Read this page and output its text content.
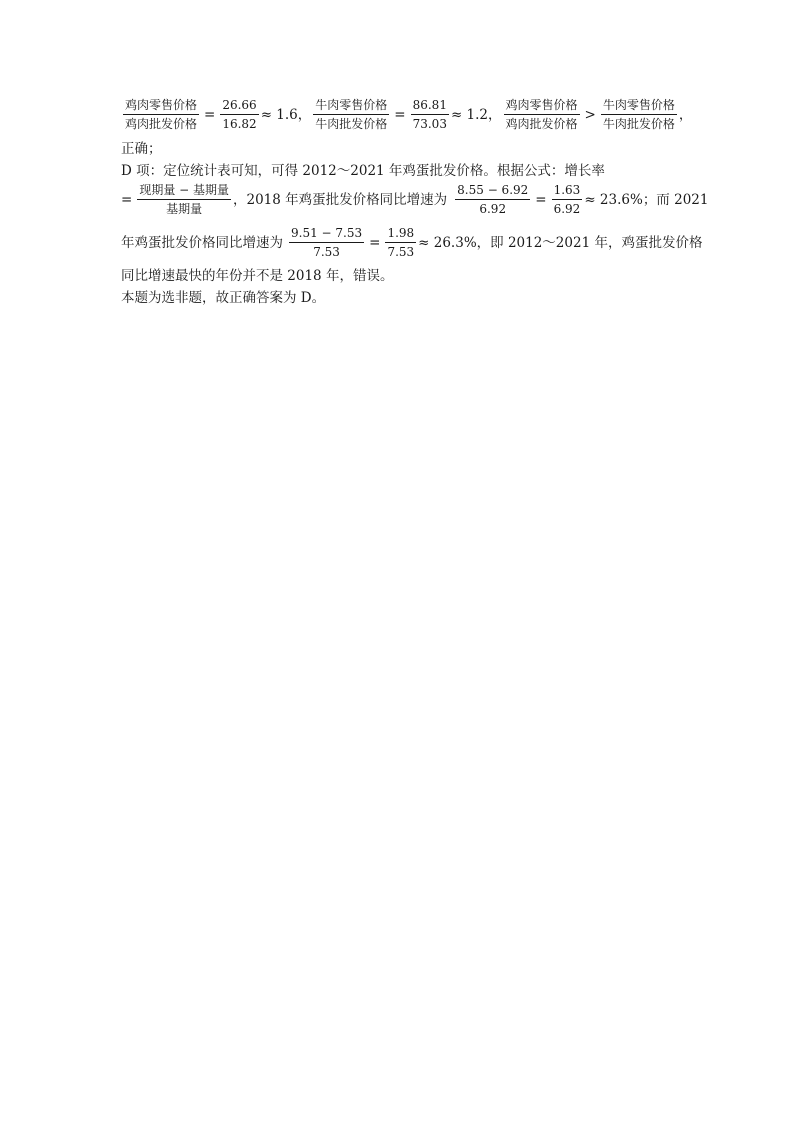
$\frac{\text{鸡肉零售价格}}{\text{鸡肉批发价格}} = \frac{26.66}{16.82} \approx 1.6$， $\frac{\text{牛肉零售价格}}{\text{牛肉批发价格}} = \frac{86.81}{73.03} \approx 1.2$， $\frac{\text{鸡肉零售价格}}{\text{鸡肉批发价格}} > \frac{\text{牛肉零售价格}}{\text{牛肉批发价格}}$ ，
正确；
D 项：定位统计表可知，可得 2012～2021 年鸡蛋批发价格。根据公式：增长率
= $\frac{\text{现期量 − 基期量}}{\text{基期量}}$ ，2018 年鸡蛋批发价格同比增速为 $\frac{8.55 - 6.92}{6.92} = \frac{1.63}{6.92} \approx 23.6\%$；而 2021
年鸡蛋批发价格同比增速为 $\frac{9.51 - 7.53}{7.53} = \frac{1.98}{7.53} \approx 26.3\%$，即 2012～2021 年，鸡蛋批发价格
同比增速最快的年份并不是 2018 年，错误。
本题为选非题，故正确答案为 D。
